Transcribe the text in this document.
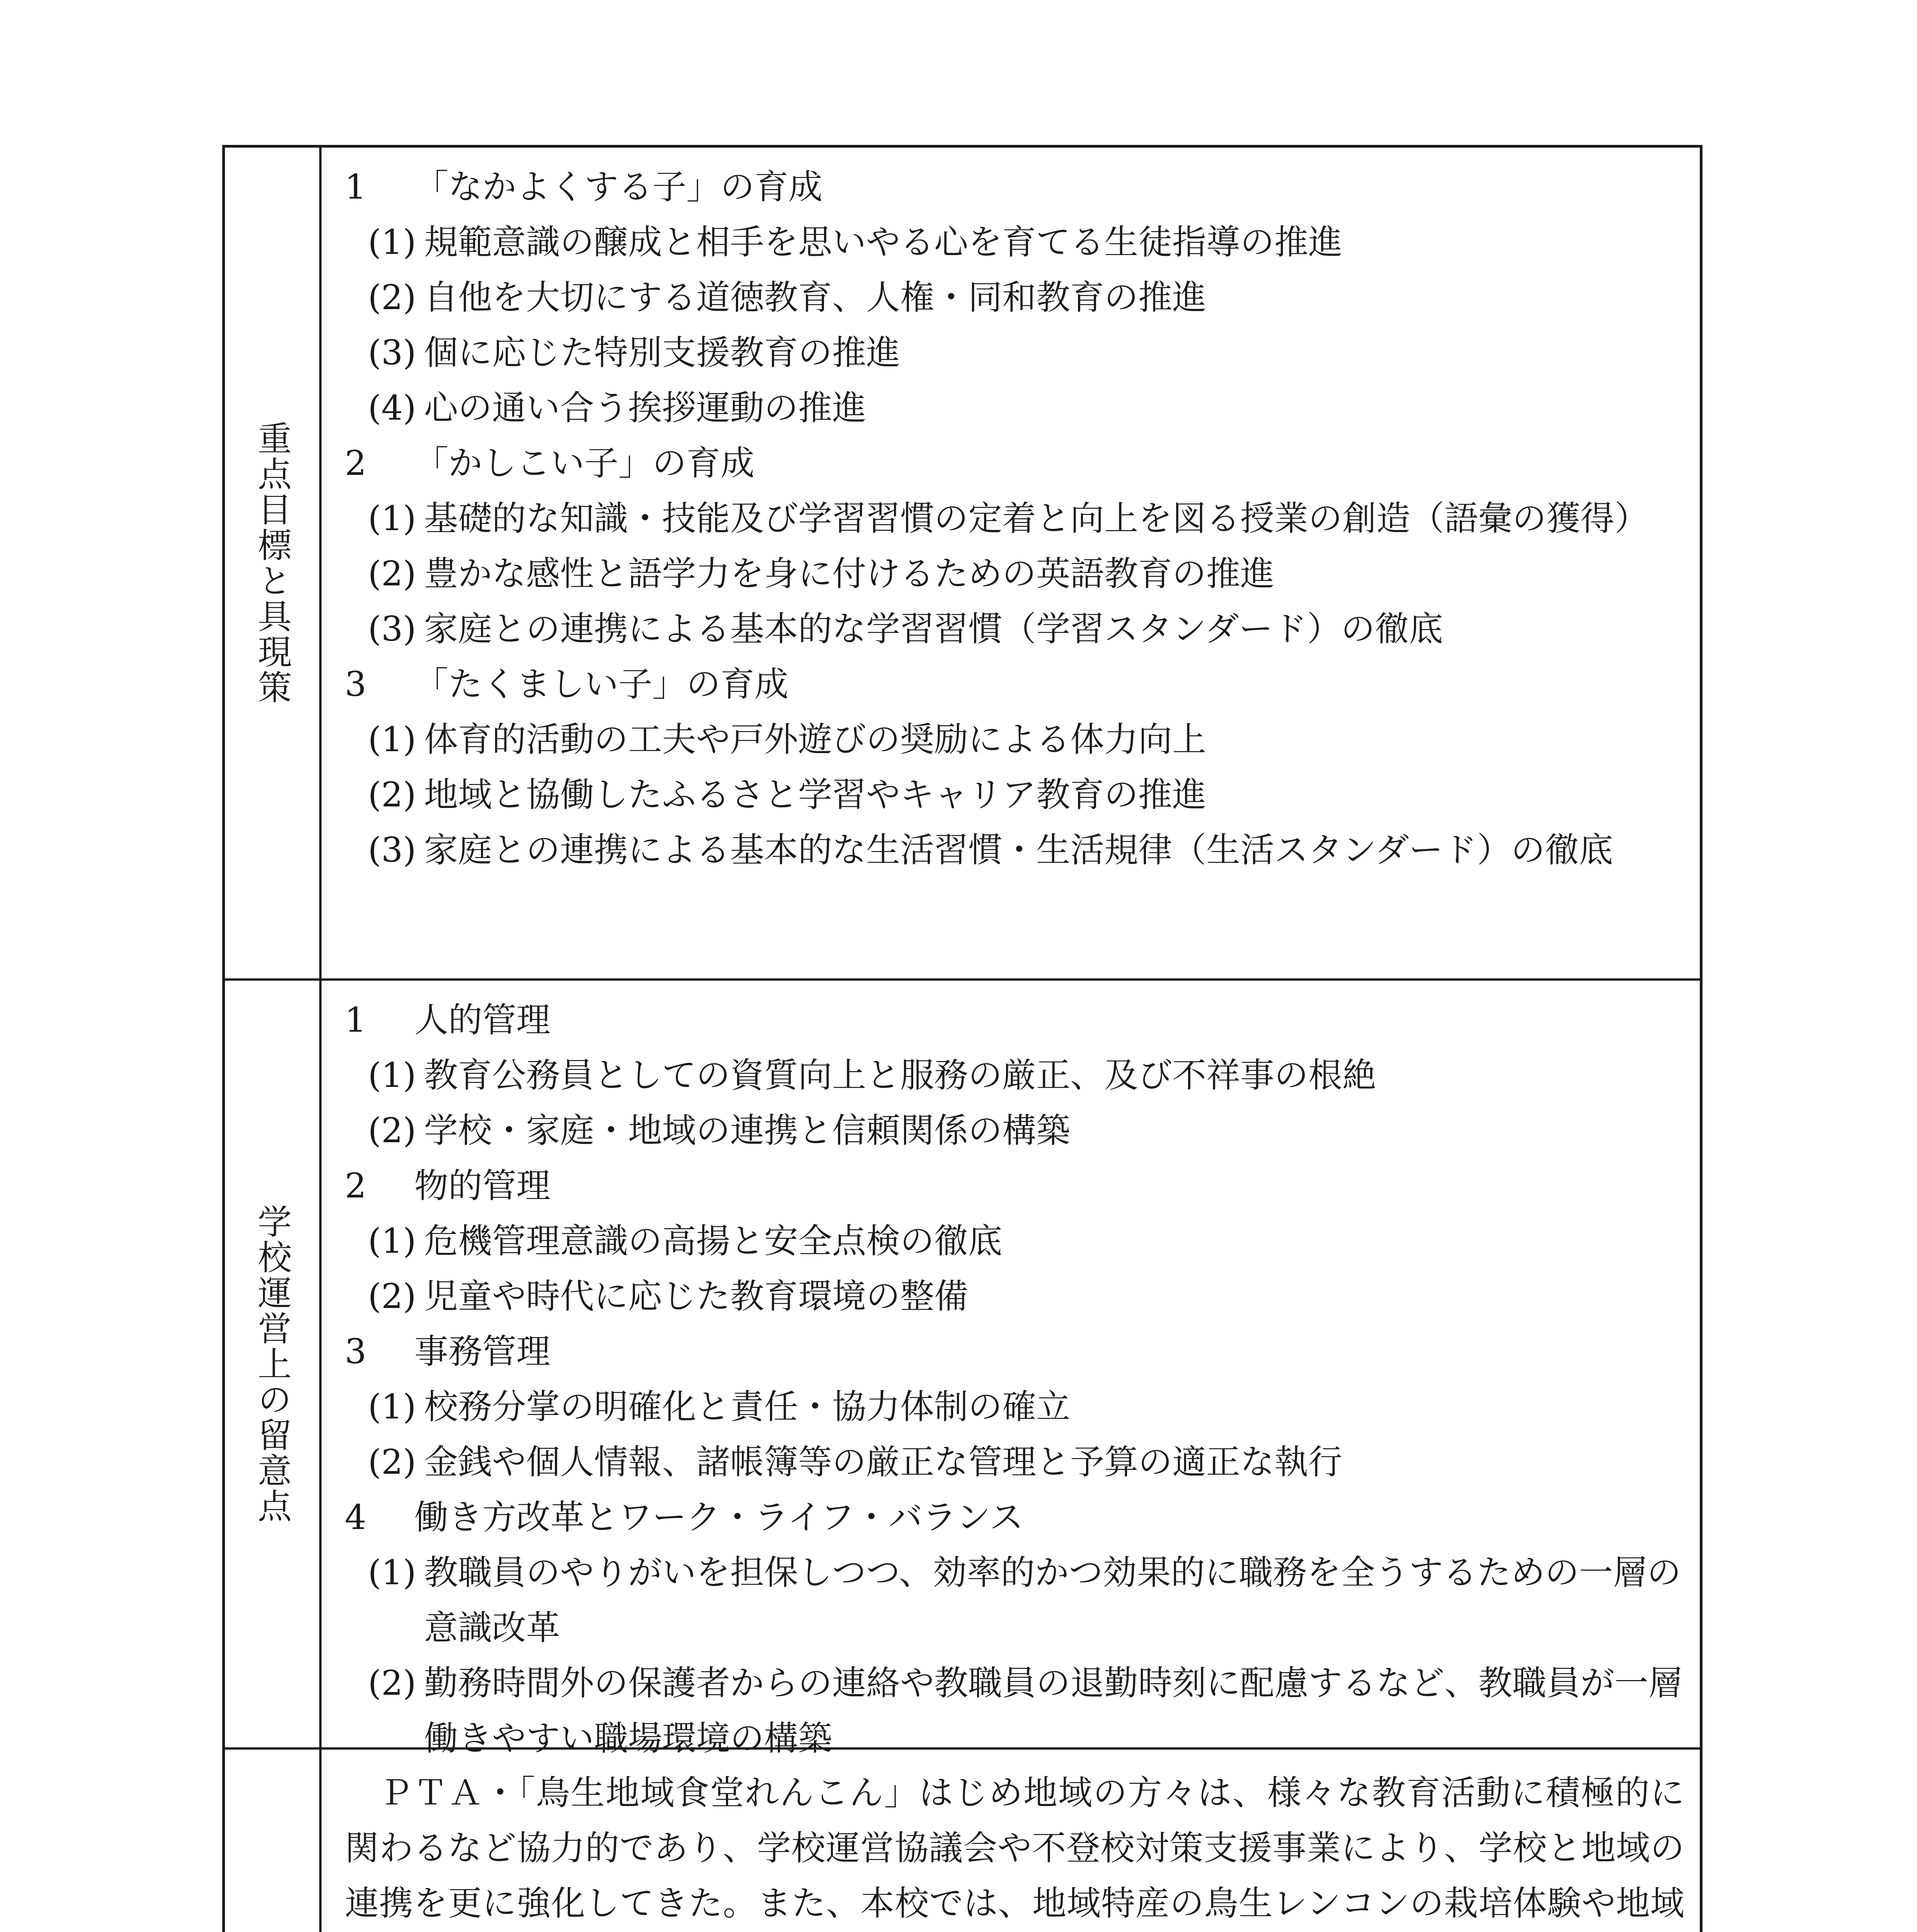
重点目標と具現策
1 「なかよくする子」の育成
(1) 規範意識の醸成と相手を思いやる心を育てる生徒指導の推進
(2) 自他を大切にする道徳教育、人権・同和教育の推進
(3) 個に応じた特別支援教育の推進
(4) 心の通い合う挨拶運動の推進
2 「かしこい子」の育成
(1) 基礎的な知識・技能及び学習習慣の定着と向上を図る授業の創造（語彙の獲得）
(2) 豊かな感性と語学力を身に付けるための英語教育の推進
(3) 家庭との連携による基本的な学習習慣（学習スタンダード）の徹底
3 「たくましい子」の育成
(1) 体育的活動の工夫や戸外遊びの奨励による体力向上
(2) 地域と協働したふるさと学習やキャリア教育の推進
(3) 家庭との連携による基本的な生活習慣・生活規律（生活スタンダード）の徹底
学校運営上の留意点
1 人的管理
(1) 教育公務員としての資質向上と服務の厳正、及び不祥事の根絶
(2) 学校・家庭・地域の連携と信頼関係の構築
2 物的管理
(1) 危機管理意識の高揚と安全点検の徹底
(2) 児童や時代に応じた教育環境の整備
3 事務管理
(1) 校務分掌の明確化と責任・協力体制の確立
(2) 金銭や個人情報、諸帳簿等の厳正な管理と予算の適正な執行
4 働き方改革とワーク・ライフ・バランス
(1) 教職員のやりがいを担保しつつ、効率的かつ効果的に職務を全うするための一層の意識改革
(2) 勤務時間外の保護者からの連絡や教職員の退勤時刻に配慮するなど、教職員が一層働きやすい職場環境の構築
ＰＴＡ・「鳥生地域食堂れんこん」はじめ地域の方々は、様々な教育活動に積極的に関わるなど協力的であり、学校運営協議会や不登校対策支援事業により、学校と地域の連携を更に強化してきた。また、本校では、地域特産の鳥生レンコンの栽培体験や地域
